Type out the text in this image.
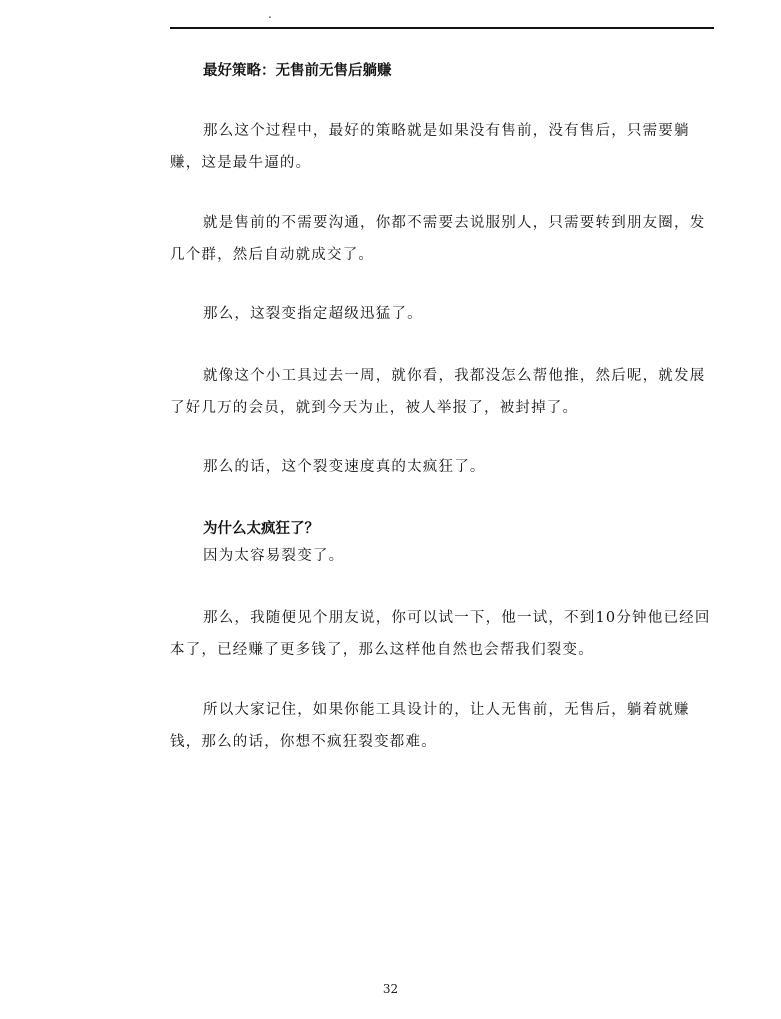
.
最好策略：无售前无售后躺赚

那么这个过程中，最好的策略就是如果没有售前，没有售后，只需要躺赚，这是最牛逼的。

就是售前的不需要沟通，你都不需要去说服别人，只需要转到朋友圈，发几个群，然后自动就成交了。

那么，这裂变指定超级迅猛了。

就像这个小工具过去一周，就你看，我都没怎么帮他推，然后呢，就发展了好几万的会员，就到今天为止，被人举报了，被封掉了。

那么的话，这个裂变速度真的太疯狂了。

为什么太疯狂了？

因为太容易裂变了。

那么，我随便见个朋友说，你可以试一下，他一试，不到10分钟他已经回本了，已经赚了更多钱了，那么这样他自然也会帮我们裂变。

所以大家记住，如果你能工具设计的，让人无售前，无售后，躺着就赚钱，那么的话，你想不疯狂裂变都难。

32
